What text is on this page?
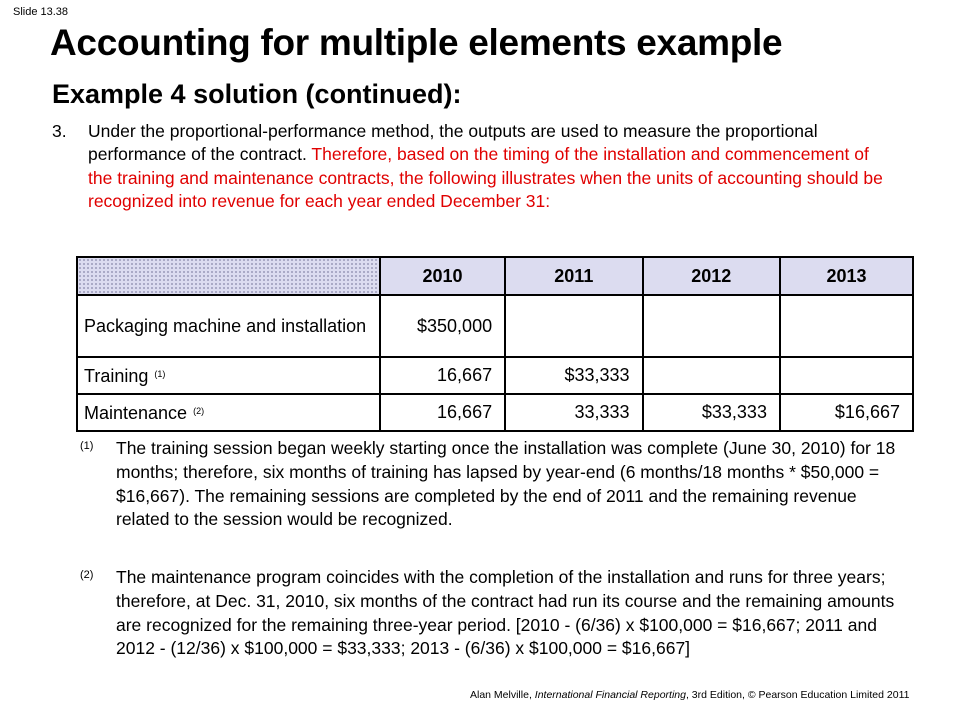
Slide 13.38
Accounting for multiple elements example
Example 4 solution (continued):
3. Under the proportional-performance method, the outputs are used to measure the proportional performance of the contract. Therefore, based on the timing of the installation and commencement of the training and maintenance contracts, the following illustrates when the units of accounting should be recognized into revenue for each year ended December 31:
	2010	2011	2012	2013
Packaging machine and installation	$350,000			
Training $^{(1)}$	16,667	$33,333		
Maintenance $^{(2)}$	16,667	33,333	$33,333	$16,667
(1)	The training session began weekly starting once the installation was complete (June 30, 2010) for 18 months; therefore, six months of training has lapsed by year-end (6 months/18 months * $50,000 = $16,667). The remaining sessions are completed by the end of 2011 and the remaining revenue related to the session would be recognized.
(2)	The maintenance program coincides with the completion of the installation and runs for three years; therefore, at Dec. 31, 2010, six months of the contract had run its course and the remaining amounts are recognized for the remaining three-year period. [2010 - (6/36) x $100,000 = $16,667; 2011 and 2012 - (12/36) x $100,000 = $33,333; 2013 - (6/36) x $100,000 = $16,667]
Alan Melville, International Financial Reporting, 3rd Edition, © Pearson Education Limited 2011
